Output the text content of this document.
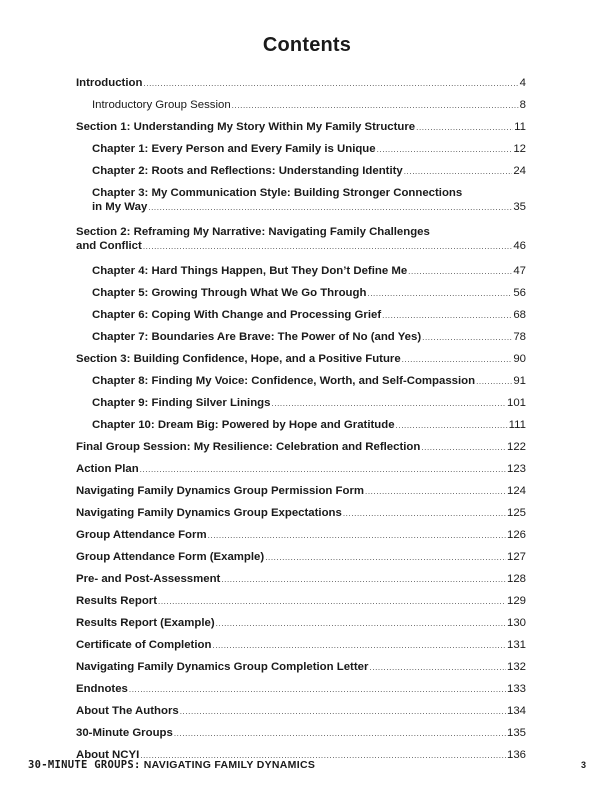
Contents
Introduction .....	4
Introductory Group Session .....	8
Section 1: Understanding My Story Within My Family Structure .....	11
Chapter 1: Every Person and Every Family is Unique .....	12
Chapter 2: Roots and Reflections: Understanding Identity .....	24
Chapter 3: My Communication Style: Building Stronger Connections
in My Way .....	35
Section 2: Reframing My Narrative: Navigating Family Challenges
and Conflict .....	46
Chapter 4: Hard Things Happen, But They Don’t Define Me .....	47
Chapter 5: Growing Through What We Go Through .....	56
Chapter 6: Coping With Change and Processing Grief .....	68
Chapter 7: Boundaries Are Brave: The Power of No (and Yes) .....	78
Section 3: Building Confidence, Hope, and a Positive Future .....	90
Chapter 8: Finding My Voice: Confidence, Worth, and Self-Compassion .....	91
Chapter 9: Finding Silver Linings .....	101
Chapter 10: Dream Big: Powered by Hope and Gratitude .....	111
Final Group Session: My Resilience: Celebration and Reflection .....	122
Action Plan .....	123
Navigating Family Dynamics Group Permission Form .....	124
Navigating Family Dynamics Group Expectations .....	125
Group Attendance Form .....	126
Group Attendance Form (Example) .....	127
Pre- and Post-Assessment .....	128
Results Report .....	129
Results Report (Example) .....	130
Certificate of Completion .....	131
Navigating Family Dynamics Group Completion Letter .....	132
Endnotes .....	133
About The Authors .....	134
30-Minute Groups .....	135
About NCYI .....	136
30-MINUTE GROUPS: NAVIGATING FAMILY DYNAMICS	3
